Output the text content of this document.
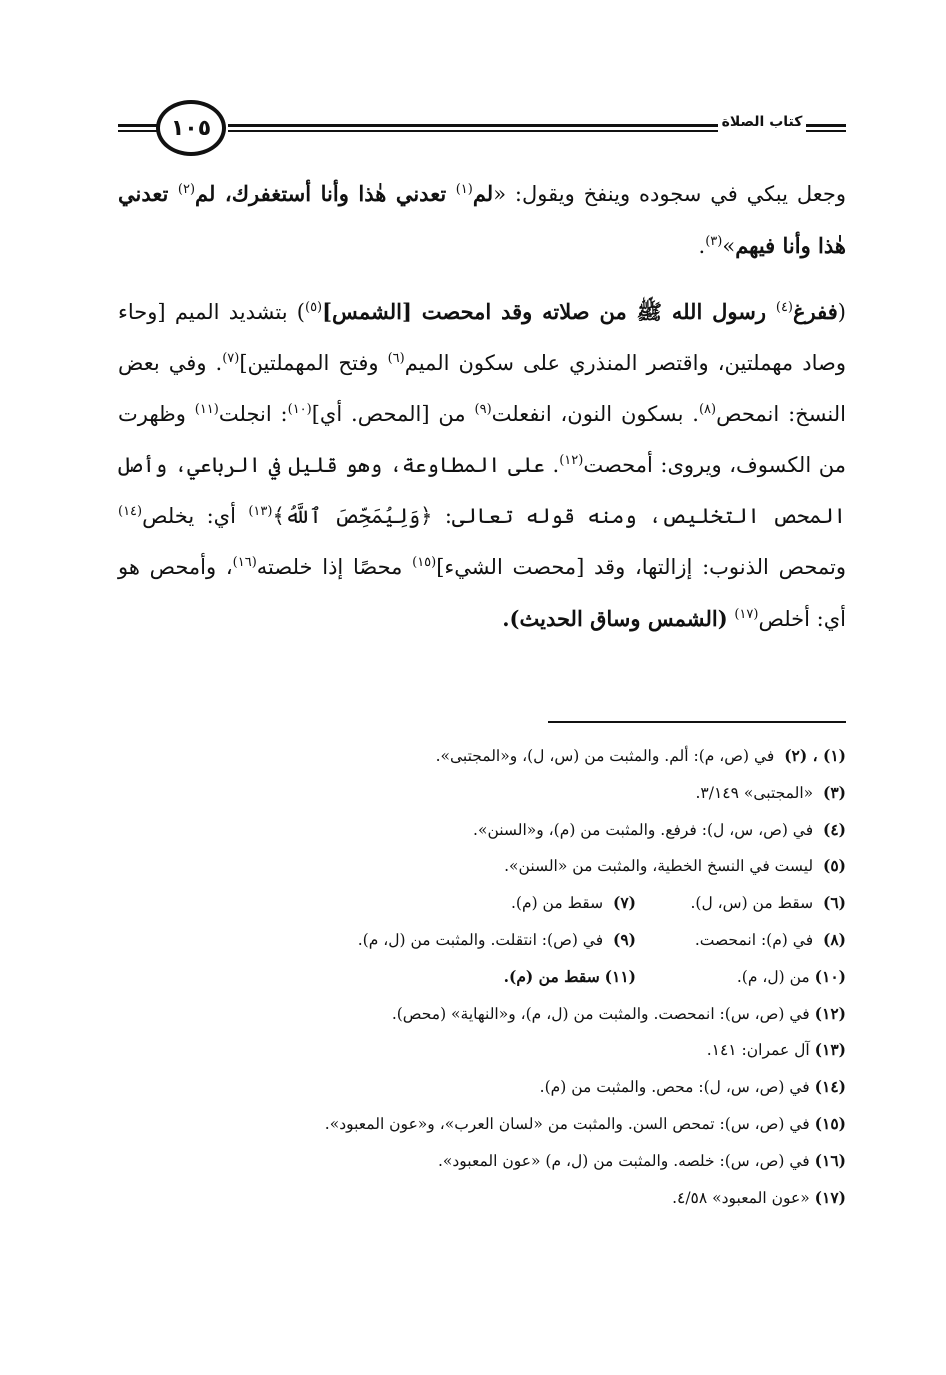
١٠٥	كتاب الصلاة

وجعل يبكي في سجوده وينفخ ويقول: «لم$^{(١)}$ تعدني هٰذا وأنا أستغفرك، لم$^{(٢)}$ تعدني هٰذا وأنا فيهم»$^{(٣)}$.

(ففرغ$^{(٤)}$ رسول الله ﷺ من صلاته وقد امحصت [الشمس]$^{(٥)}$) بتشديد الميم [وحاء وصاد مهملتين، واقتصر المنذري على سكون الميم$^{(٦)}$ وفتح المهملتين]$^{(٧)}$. وفي بعض النسخ: انمحص$^{(٨)}$. بسكون النون، انفعلت$^{(٩)}$ من [المحص. أي]$^{(١٠)}$: انجلت$^{(١١)}$ وظهرت من الكسوف، ويروى: أمحصت$^{(١٢)}$. على المطاوعة، وهو قليل في الرباعي، وأصل المحص التخليص، ومنه قوله تعالى: ﴿وَلِيُمَحِّصَ ٱللَّهُ﴾$^{(١٣)}$ أي: يخلص$^{(١٤)}$ وتمحص الذنوب: إزالتها، وقد [محصت الشيء]$^{(١٥)}$ محصًا إذا خلصته$^{(١٦)}$، وأمحص هو أي: أخلص$^{(١٧)}$ (الشمس وساق الحديث).

(١) ، (٢)

في (ص، م): ألم. والمثبت من (س، ل)، و«المجتبى».
(٣)

«المجتبى» ٣/١٤٩.
(٤)

في (ص، س، ل): فرفع. والمثبت من (م)، و«السنن».
(٥)

ليست في النسخ الخطية، والمثبت من «السنن».
(٦)  سقط من (س، ل).
(٧)  سقط من (م).
(٨)  في (م): انمحصت.
(٩)  في (ص): انتقلت. والمثبت من (ل، م).
(١٠) من (ل، م).
(١١) سقط من (م).
(١٢)

في (ص، س): انمحصت. والمثبت من (ل، م)، و«النهاية» (محص).
(١٣)

آل عمران: ١٤١.
(١٤)

في (ص، س، ل): محص. والمثبت من (م).
(١٥)

في (ص، س): تمحص السن. والمثبت من «لسان العرب»، و«عون المعبود».
(١٦)

في (ص، س): خلصه. والمثبت من (ل، م) «عون المعبود».
(١٧)

«عون المعبود» ٤/٥٨.
